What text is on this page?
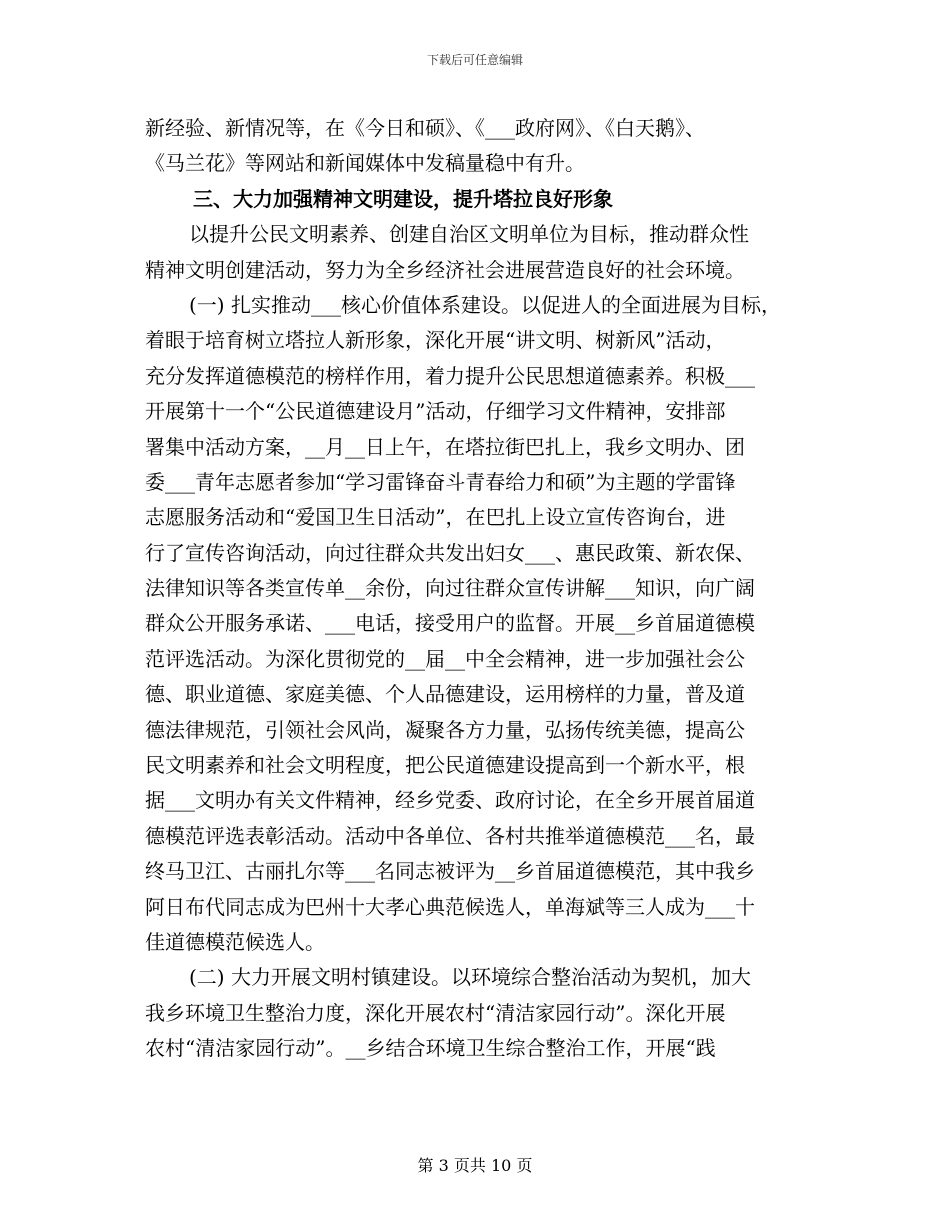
下载后可任意编辑
新经验、新情况等，在《今日和硕》、《___政府网》、《白天鹅》、
《马兰花》等网站和新闻媒体中发稿量稳中有升。
三、大力加强精神文明建设，提升塔拉良好形象
以提升公民文明素养、创建自治区文明单位为目标，推动群众性
精神文明创建活动，努力为全乡经济社会进展营造良好的社会环境。
(一) 扎实推动___核心价值体系建设。以促进人的全面进展为目标，
着眼于培育树立塔拉人新形象，深化开展“讲文明、树新风”活动，
充分发挥道德模范的榜样作用，着力提升公民思想道德素养。积极___
开展第十一个“公民道德建设月”活动，仔细学习文件精神，安排部
署集中活动方案，__月__日上午，在塔拉街巴扎上，我乡文明办、团
委___青年志愿者参加“学习雷锋奋斗青春给力和硕”为主题的学雷锋
志愿服务活动和“爱国卫生日活动”，在巴扎上设立宣传咨询台，进
行了宣传咨询活动，向过往群众共发出妇女___、惠民政策、新农保、
法律知识等各类宣传单__余份，向过往群众宣传讲解___知识，向广阔
群众公开服务承诺、___电话，接受用户的监督。开展__乡首届道德模
范评选活动。为深化贯彻党的__届__中全会精神，进一步加强社会公
德、职业道德、家庭美德、个人品德建设，运用榜样的力量，普及道
德法律规范，引领社会风尚，凝聚各方力量，弘扬传统美德，提高公
民文明素养和社会文明程度，把公民道德建设提高到一个新水平，根
据___文明办有关文件精神，经乡党委、政府讨论，在全乡开展首届道
德模范评选表彰活动。活动中各单位、各村共推举道德模范___名，最
终马卫江、古丽扎尔等___名同志被评为__乡首届道德模范，其中我乡
阿日布代同志成为巴州十大孝心典范候选人，单海斌等三人成为___十
佳道德模范候选人。
(二) 大力开展文明村镇建设。以环境综合整治活动为契机，加大
我乡环境卫生整治力度，深化开展农村“清洁家园行动”。深化开展
农村“清洁家园行动”。__乡结合环境卫生综合整治工作，开展“践
第 3 页共 10 页
